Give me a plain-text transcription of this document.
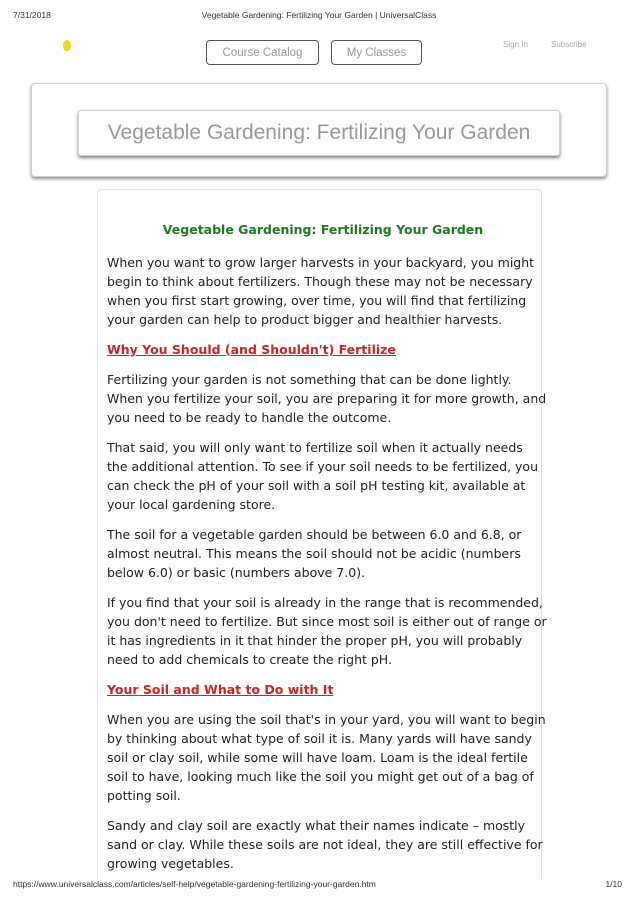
7/31/2018	Vegetable Gardening: Fertilizing Your Garden | UniversalClass
Course Catalog	My Classes
Sign In	Subscribe
Vegetable Gardening: Fertilizing Your Garden
Vegetable Gardening: Fertilizing Your Garden

When you want to grow larger harvests in your backyard, you might begin to think about fertilizers. Though these may not be necessary when you first start growing, over time, you will find that fertilizing your garden can help to product bigger and healthier harvests.

Why You Should (and Shouldn't) Fertilize

Fertilizing your garden is not something that can be done lightly. When you fertilize your soil, you are preparing it for more growth, and you need to be ready to handle the outcome.

That said, you will only want to fertilize soil when it actually needs the additional attention. To see if your soil needs to be fertilized, you can check the pH of your soil with a soil pH testing kit, available at your local gardening store.

The soil for a vegetable garden should be between 6.0 and 6.8, or almost neutral. This means the soil should not be acidic (numbers below 6.0) or basic (numbers above 7.0).

If you find that your soil is already in the range that is recommended, you don't need to fertilize. But since most soil is either out of range or it has ingredients in it that hinder the proper pH, you will probably need to add chemicals to create the right pH.

Your Soil and What to Do with It

When you are using the soil that's in your yard, you will want to begin by thinking about what type of soil it is. Many yards will have sandy soil or clay soil, while some will have loam. Loam is the ideal fertile soil to have, looking much like the soil you might get out of a bag of potting soil.

Sandy and clay soil are exactly what their names indicate – mostly sand or clay. While these soils are not ideal, they are still effective for growing vegetables.

https://www.universalclass.com/articles/self-help/vegetable-gardening-fertilizing-your-garden.htm	1/10
